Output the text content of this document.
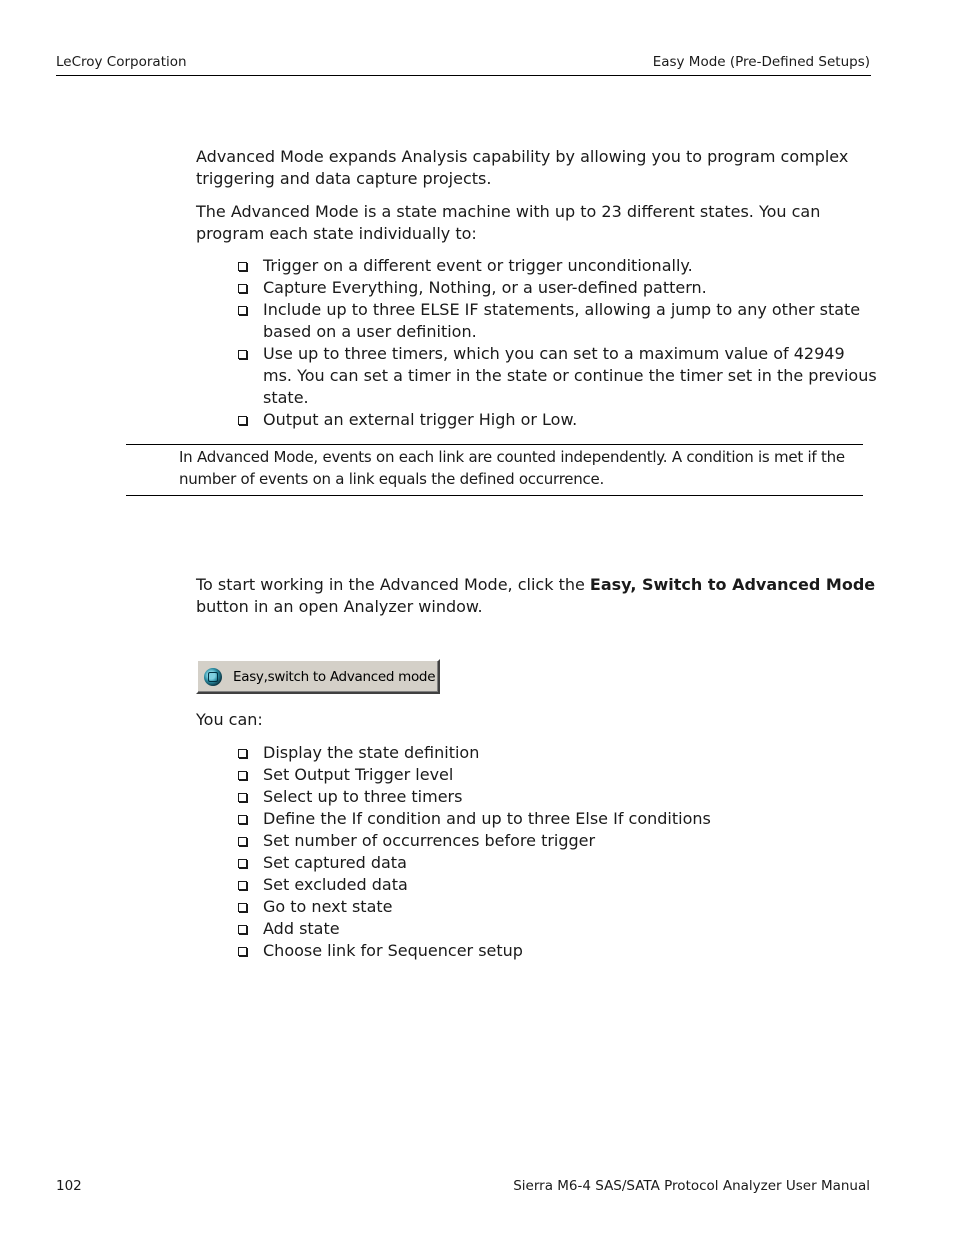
LeCroy Corporation	Easy Mode (Pre-Defined Setups)

Advanced Mode expands Analysis capability by allowing you to program complex triggering and data capture projects.

The Advanced Mode is a state machine with up to 23 different states. You can program each state individually to:

Trigger on a different event or trigger unconditionally.
Capture Everything, Nothing, or a user-defined pattern.
Include up to three ELSE IF statements, allowing a jump to any other state based on a user definition.
Use up to three timers, which you can set to a maximum value of 42949 ms. You can set a timer in the state or continue the timer set in the previous state.
Output an external trigger High or Low.

In Advanced Mode, events on each link are counted independently. A condition is met if the number of events on a link equals the defined occurrence.

To start working in the Advanced Mode, click the Easy, Switch to Advanced Mode button in an open Analyzer window.

Easy,switch to Advanced mode

You can:

Display the state definition
Set Output Trigger level
Select up to three timers
Define the If condition and up to three Else If conditions
Set number of occurrences before trigger
Set captured data
Set excluded data
Go to next state
Add state
Choose link for Sequencer setup
102	Sierra M6-4 SAS/SATA Protocol Analyzer User Manual
